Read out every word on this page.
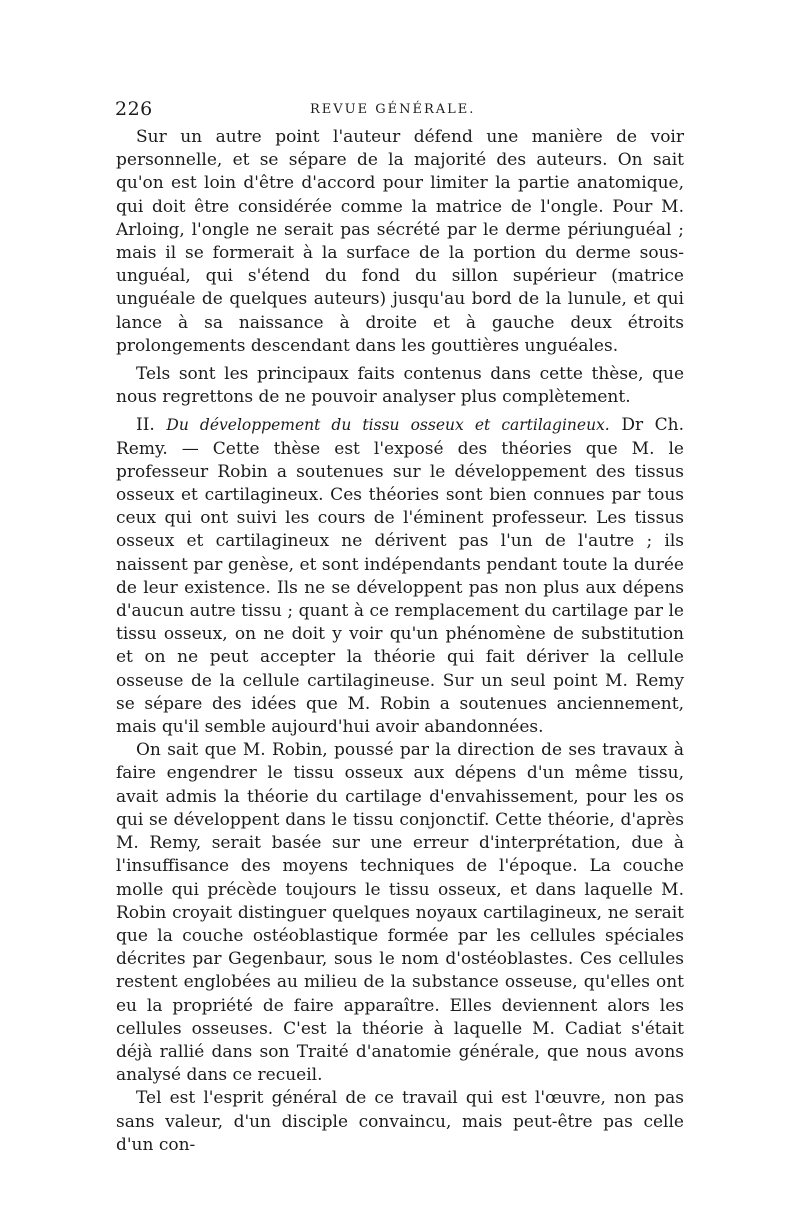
226	REVUE GÉNÉRALE.

Sur un autre point l'auteur défend une manière de voir personnelle, et se sépare de la majorité des auteurs. On sait qu'on est loin d'être d'accord pour limiter la partie anatomique, qui doit être considérée comme la matrice de l'ongle. Pour M. Arloing, l'ongle ne serait pas sécrété par le derme périunguéal ; mais il se formerait à la surface de la portion du derme sous-unguéal, qui s'étend du fond du sillon supérieur (matrice unguéale de quelques auteurs) jusqu'au bord de la lunule, et qui lance à sa naissance à droite et à gauche deux étroits prolongements descendant dans les gouttières unguéales.

Tels sont les principaux faits contenus dans cette thèse, que nous regrettons de ne pouvoir analyser plus complètement.

II. Du développement du tissu osseux et cartilagineux. Dr Ch. Remy. — Cette thèse est l'exposé des théories que M. le professeur Robin a soutenues sur le développement des tissus osseux et cartilagineux. Ces théories sont bien connues par tous ceux qui ont suivi les cours de l'éminent professeur. Les tissus osseux et cartilagineux ne dérivent pas l'un de l'autre ; ils naissent par genèse, et sont indépendants pendant toute la durée de leur existence. Ils ne se développent pas non plus aux dépens d'aucun autre tissu ; quant à ce remplacement du cartilage par le tissu osseux, on ne doit y voir qu'un phénomène de substitution et on ne peut accepter la théorie qui fait dériver la cellule osseuse de la cellule cartilagineuse. Sur un seul point M. Remy se sépare des idées que M. Robin a soutenues anciennement, mais qu'il semble aujourd'hui avoir abandonnées.

On sait que M. Robin, poussé par la direction de ses travaux à faire engendrer le tissu osseux aux dépens d'un même tissu, avait admis la théorie du cartilage d'envahissement, pour les os qui se développent dans le tissu conjonctif. Cette théorie, d'après M. Remy, serait basée sur une erreur d'interprétation, due à l'insuffisance des moyens techniques de l'époque. La couche molle qui précède toujours le tissu osseux, et dans laquelle M. Robin croyait distinguer quelques noyaux cartilagineux, ne serait que la couche ostéoblastique formée par les cellules spéciales décrites par Gegenbaur, sous le nom d'ostéoblastes. Ces cellules restent englobées au milieu de la substance osseuse, qu'elles ont eu la propriété de faire apparaître. Elles deviennent alors les cellules osseuses. C'est la théorie à laquelle M. Cadiat s'était déjà rallié dans son Traité d'anatomie générale, que nous avons analysé dans ce recueil.

Tel est l'esprit général de ce travail qui est l'œuvre, non pas sans valeur, d'un disciple convaincu, mais peut-être pas celle d'un con-
